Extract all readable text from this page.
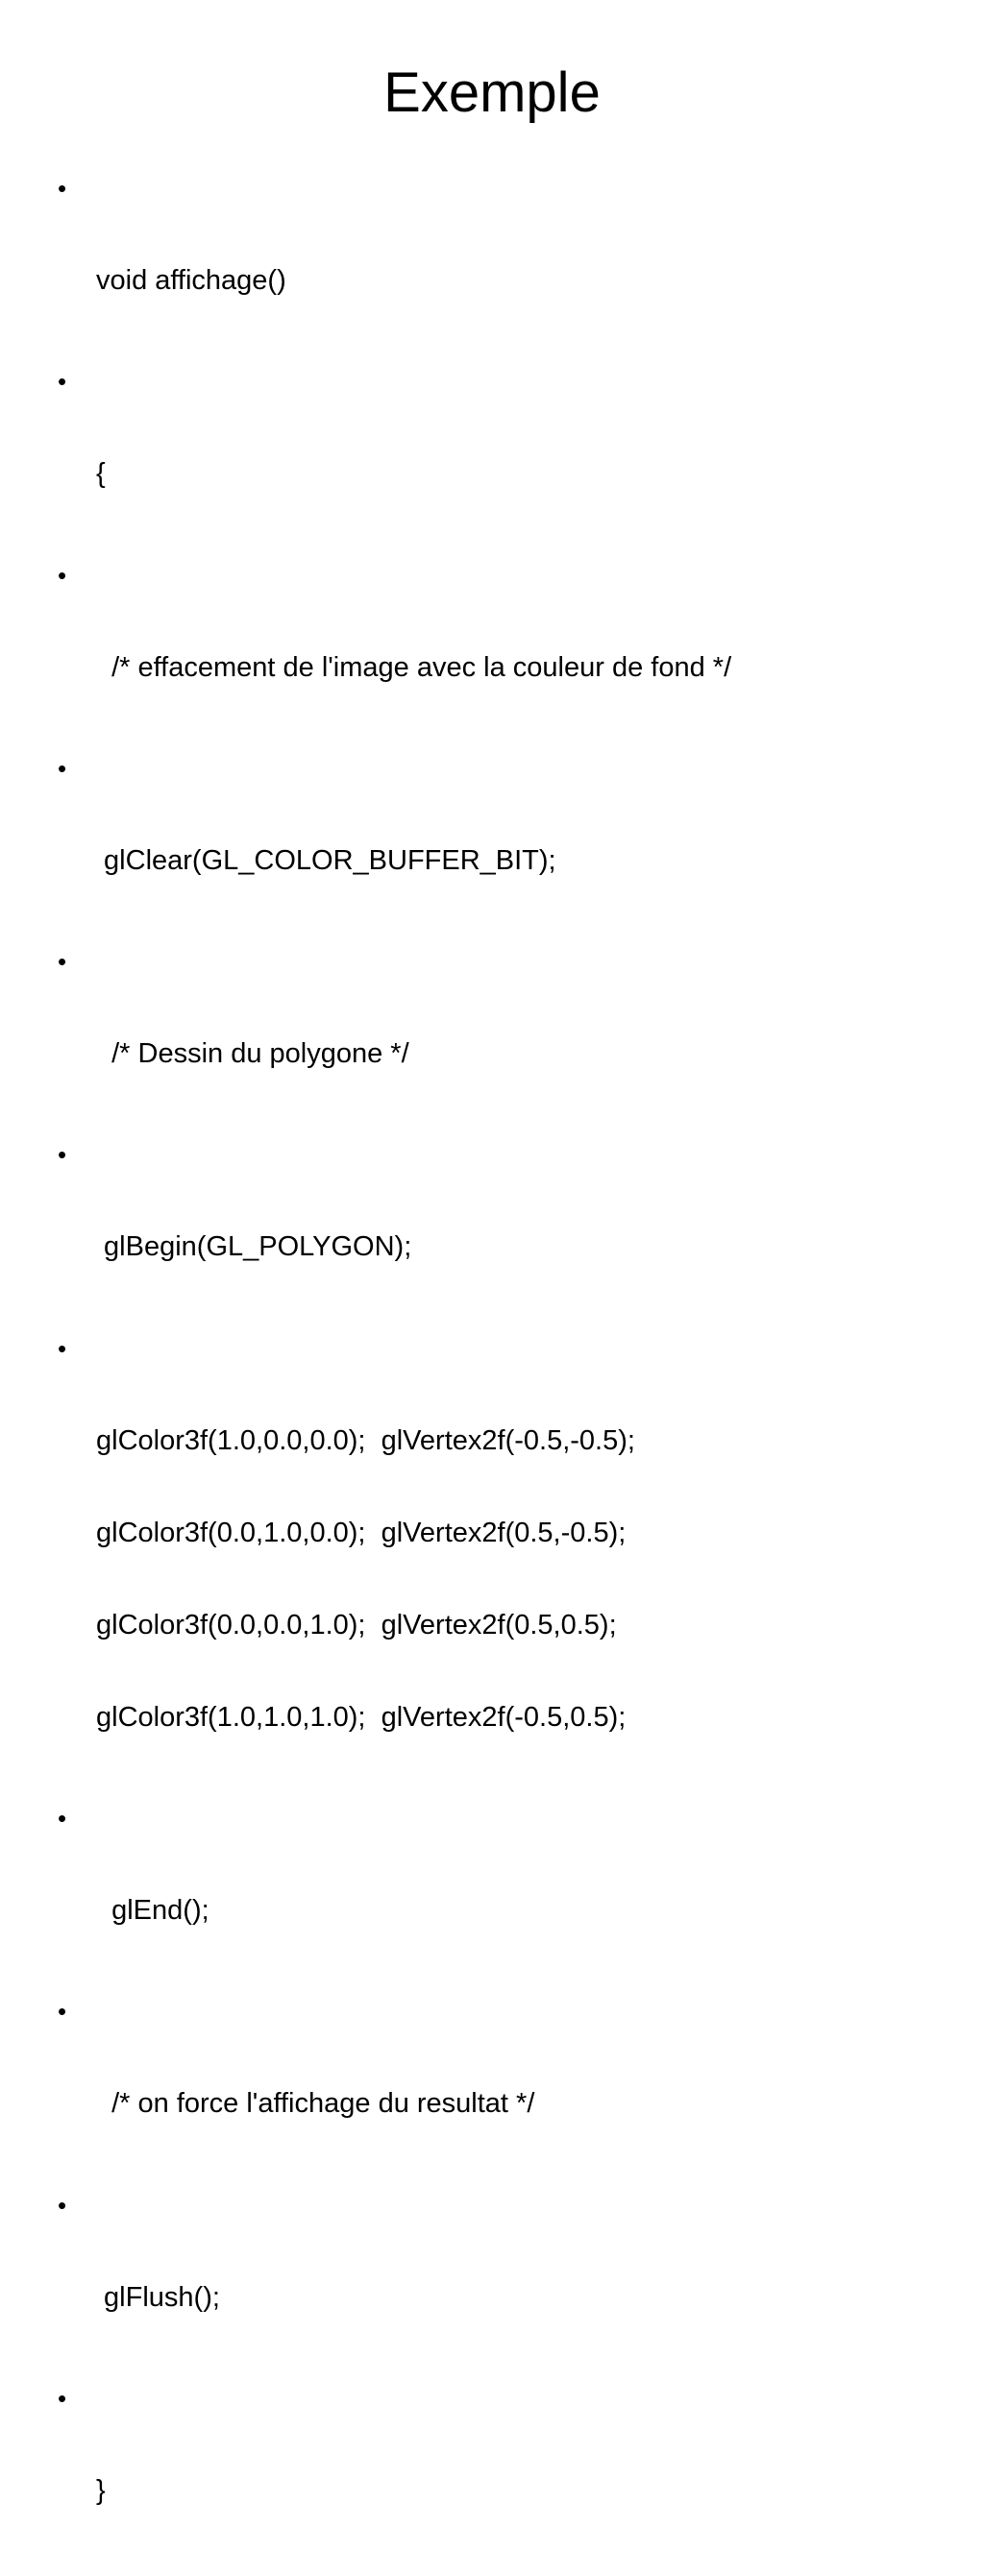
Exemple

•

void affichage()

•

{

•

/* effacement de l'image avec la couleur de fond */

•

glClear(GL_COLOR_BUFFER_BIT);

•

/* Dessin du polygone */

•

glBegin(GL_POLYGON);

•

glColor3f(1.0,0.0,0.0);  glVertex2f(-0.5,-0.5);

glColor3f(0.0,1.0,0.0);  glVertex2f(0.5,-0.5);

glColor3f(0.0,0.0,1.0);  glVertex2f(0.5,0.5);

glColor3f(1.0,1.0,1.0);  glVertex2f(-0.5,0.5);

•

glEnd();

•

/* on force l'affichage du resultat */

•

glFlush();

•

}
